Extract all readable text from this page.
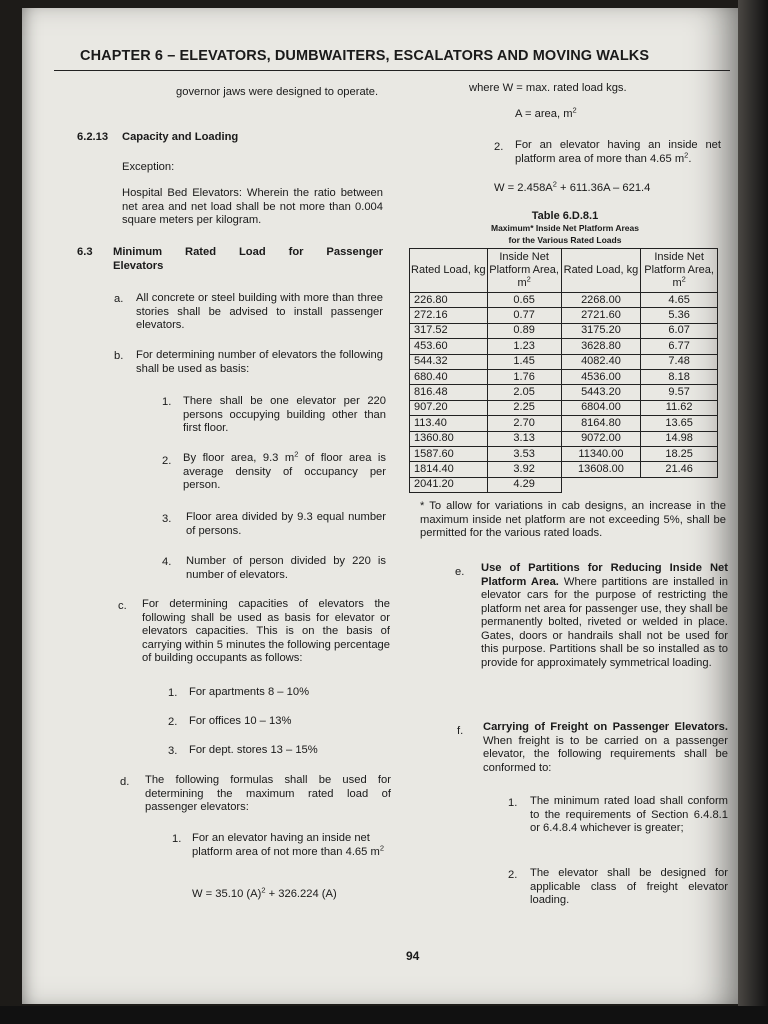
CHAPTER 6 – ELEVATORS, DUMBWAITERS, ESCALATORS AND MOVING WALKS
governor jaws were designed to operate.
6.2.13 Capacity and Loading
Exception:
Hospital Bed Elevators: Wherein the ratio between net area and net load shall be not more than 0.004 square meters per kilogram.
6.3 Minimum Rated Load for Passenger Elevators
a. All concrete or steel building with more than three stories shall be advised to install passenger elevators.
b. For determining number of elevators the following shall be used as basis:
1. There shall be one elevator per 220 persons occupying building other than first floor.
2. By floor area, 9.3 $m^2$ of floor area is average density of occupancy per person.
3. Floor area divided by 9.3 equal number of persons.
4. Number of person divided by 220 is number of elevators.
c. For determining capacities of elevators the following shall be used as basis for elevator or elevators capacities. This is on the basis of carrying within 5 minutes the following percentage of building occupants as follows:
1. For apartments 8 – 10%
2. For offices 10 – 13%
3. For dept. stores 13 – 15%
d. The following formulas shall be used for determining the maximum rated load of passenger elevators:
1. For an elevator having an inside net platform area of not more than 4.65 $m^2$
W = 35.10 $(A)^2 + 326.224$ (A)
where W = max. rated load kgs.
A = area, $m^2$
2. For an elevator having an inside net platform area of more than 4.65 $m^2$.
$W = 2.458A^2 + 611.36A - 621.4$
Table 6.D.8.1
Maximum* Inside Net Platform Areas
for the Various Rated Loads
Rated Load, kg	Inside Net Platform Area, $m^2$	Rated Load, kg	Inside Net Platform Area, $m^2$
226.80	0.65	2268.00	4.65
272.16	0.77	2721.60	5.36
317.52	0.89	3175.20	6.07
453.60	1.23	3628.80	6.77
544.32	1.45	4082.40	7.48
680.40	1.76	4536.00	8.18
816.48	2.05	5443.20	9.57
907.20	2.25	6804.00	11.62
113.40	2.70	8164.80	13.65
1360.80	3.13	9072.00	14.98
1587.60	3.53	11340.00	18.25
1814.40	3.92	13608.00	21.46
2041.20	4.29		
* To allow for variations in cab designs, an increase in the maximum inside net platform are not exceeding 5%, shall be permitted for the various rated loads.
e. Use of Partitions for Reducing Inside Net Platform Area. Where partitions are installed in elevator cars for the purpose of restricting the platform net area for passenger use, they shall be permanently bolted, riveted or welded in place. Gates, doors or handrails shall not be used for this purpose. Partitions shall be so installed as to provide for approximately symmetrical loading.
f. Carrying of Freight on Passenger Elevators. When freight is to be carried on a passenger elevator, the following requirements shall be conformed to:
1. The minimum rated load shall conform to the requirements of Section 6.4.8.1 or 6.4.8.4 whichever is greater;
2. The elevator shall be designed for applicable class of freight elevator loading.
94
